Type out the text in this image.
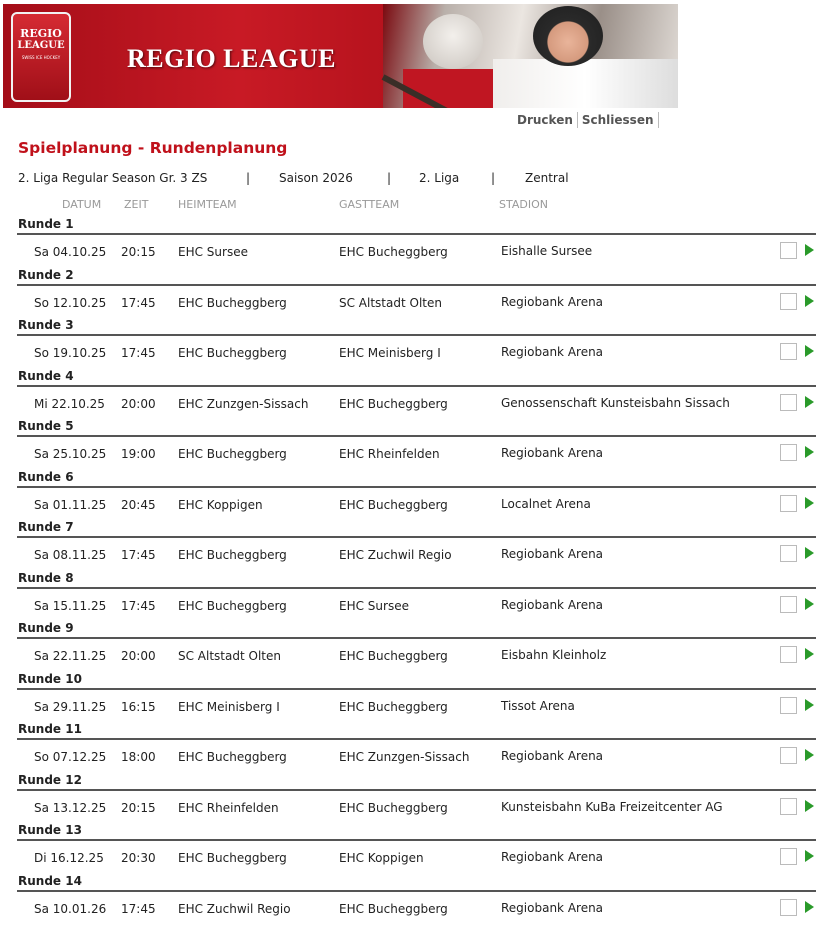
REGIO
LEAGUE
SWISS ICE HOCKEY	REGIO LEAGUE
Drucken Schliessen
Spielplanung - Rundenplanung
2. Liga Regular Season Gr. 3 ZS	| Saison 2026	| 2. Liga	| Zentral
DATUM ZEIT	HEIMTEAM	GASTTEAM	STADION
Runde 1
Sa 04.10.25 20:15 EHC Sursee	EHC Bucheggberg	Eishalle Sursee
Runde 2
So 12.10.25 17:45 EHC Bucheggberg	SC Altstadt Olten	Regiobank Arena
Runde 3
So 19.10.25 17:45 EHC Bucheggberg	EHC Meinisberg I	Regiobank Arena
Runde 4
Mi 22.10.25 20:00 EHC Zunzgen-Sissach	EHC Bucheggberg	Genossenschaft Kunsteisbahn Sissach
Runde 5
Sa 25.10.25 19:00 EHC Bucheggberg	EHC Rheinfelden	Regiobank Arena
Runde 6
Sa 01.11.25 20:45 EHC Koppigen	EHC Bucheggberg	Localnet Arena
Runde 7
Sa 08.11.25 17:45 EHC Bucheggberg	EHC Zuchwil Regio	Regiobank Arena
Runde 8
Sa 15.11.25 17:45 EHC Bucheggberg	EHC Sursee	Regiobank Arena
Runde 9
Sa 22.11.25 20:00 SC Altstadt Olten	EHC Bucheggberg	Eisbahn Kleinholz
Runde 10
Sa 29.11.25 16:15 EHC Meinisberg I	EHC Bucheggberg	Tissot Arena
Runde 11
So 07.12.25 18:00 EHC Bucheggberg	EHC Zunzgen-Sissach	Regiobank Arena
Runde 12
Sa 13.12.25 20:15 EHC Rheinfelden	EHC Bucheggberg	Kunsteisbahn KuBa Freizeitcenter AG
Runde 13
Di 16.12.25 20:30 EHC Bucheggberg	EHC Koppigen	Regiobank Arena
Runde 14
Sa 10.01.26 17:45 EHC Zuchwil Regio	EHC Bucheggberg	Regiobank Arena
